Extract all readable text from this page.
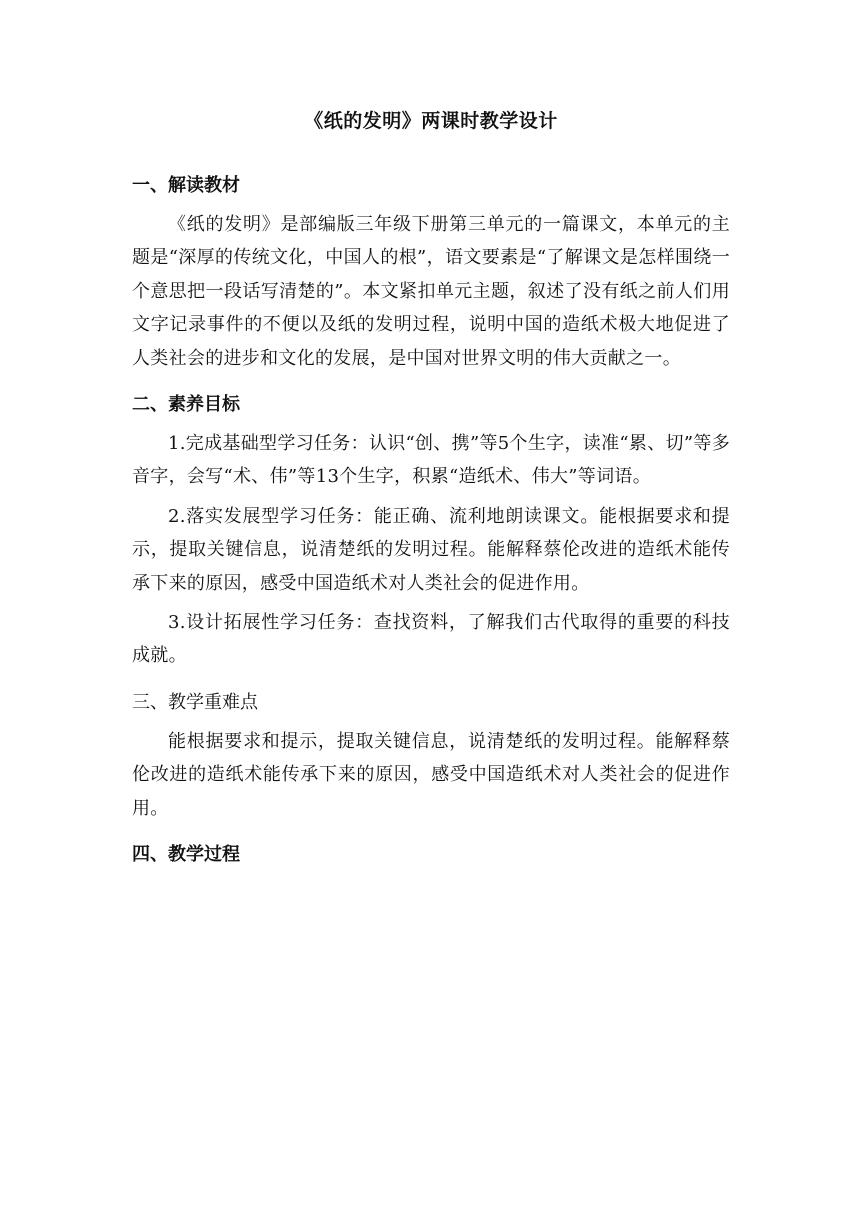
《纸的发明》两课时教学设计
一、解读教材

《纸的发明》是部编版三年级下册第三单元的一篇课文，本单元的主题是“深厚的传统文化，中国人的根”，语文要素是“了解课文是怎样围绕一个意思把一段话写清楚的”。本文紧扣单元主题，叙述了没有纸之前人们用文字记录事件的不便以及纸的发明过程，说明中国的造纸术极大地促进了人类社会的进步和文化的发展，是中国对世界文明的伟大贡献之一。

二、素养目标

1.完成基础型学习任务：认识“创、携”等5个生字，读准“累、切”等多音字，会写“术、伟”等13个生字，积累“造纸术、伟大”等词语。

2.落实发展型学习任务：能正确、流利地朗读课文。能根据要求和提示，提取关键信息，说清楚纸的发明过程。能解释蔡伦改进的造纸术能传承下来的原因，感受中国造纸术对人类社会的促进作用。

3.设计拓展性学习任务：查找资料，了解我们古代取得的重要的科技成就。

三、教学重难点

能根据要求和提示，提取关键信息，说清楚纸的发明过程。能解释蔡伦改进的造纸术能传承下来的原因，感受中国造纸术对人类社会的促进作用。

四、教学过程
